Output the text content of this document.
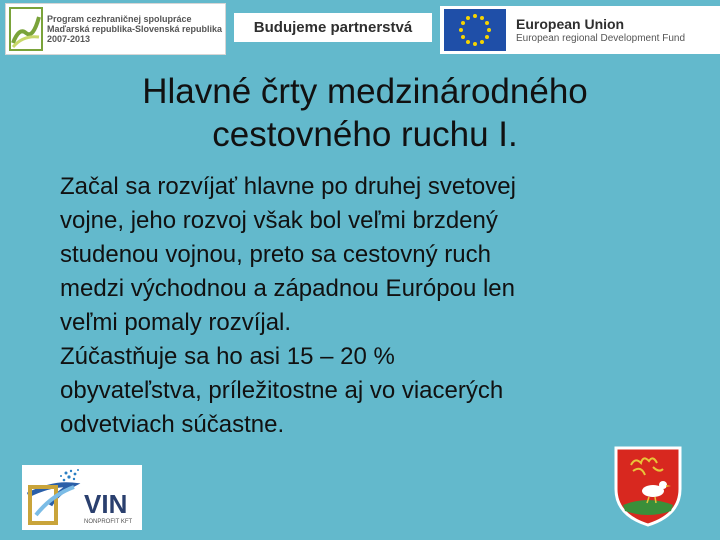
Program cezhraničnej spolupráce
Maďarská republika-Slovenská republika
2007-2013
Budujeme partnerstvá	European Union
European regional Development Fund
Hlavné črty medzinárodného
cestovného ruchu I.
Začal sa rozvíjať hlavne po druhej svetovej
vojne, jeho rozvoj však bol veľmi brzdený
studenou vojnou, preto sa cestovný ruch
medzi východnou a západnou Európou len
veľmi pomaly rozvíjal.
Zúčastňuje sa ho asi 15 – 20 %
obyvateľstva, príležitostne aj vo viacerých
odvetviach súčastne.
VIN
NONPROFIT KFT
